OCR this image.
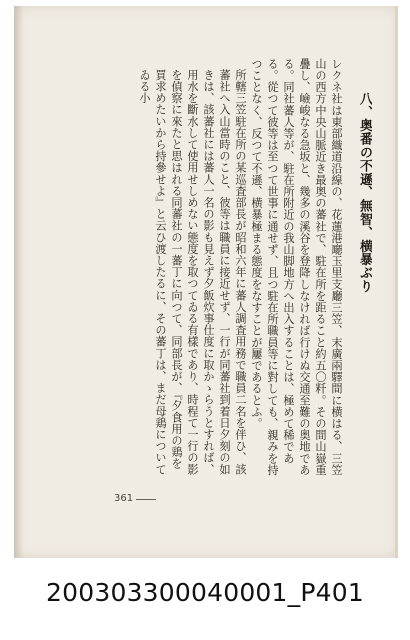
八、奥番の不遜、無智、横暴ぶり

レクネ社は東部織道沿線の、花蓮港廰玉里支廳三笠、末廣兩驛間に横はる、三笠山の西方中央山脈近き最奥の蕃社で、駐在所を距ること約五〇粁。その間山嶽重疊し、嶮峻なる急坂と、幾多の溪谷を登降しなければ行けぬ交通至難の奥地である。同社蕃人等が、駐在所附近の我山脚地方へ出入することは、極めて稀である。從つて彼等は至つて世事に通せず、且つ駐在所職員等に對しても、親みを持つことなく、反つて不遜、横暴極まる態度をなすことが屢であるとふ。

所轄三笠駐在所の某巡査部長が昭和六年に蕃人調査用務で職員二名を伴ひ、該蕃社へ入山當時のこと、彼等は職員に接近せず、一行が同蕃社到着日夕刻の如きは、該蕃社には蕃人一名の影も見えず夕飯炊事仕度に取かゝらうとすれば、用水を斷水して使用せしめない態度を取つてゐる有樣であり、時程て一行の影を偵察に來たと思はれる同蕃社の一蕃丁に向つて、同部長が、『夕食用の鶏を買求めたいから持參せよ』と云ひ渡したるに、その蕃丁は、まだ母鶏についてゐる小

361
200303300040001_P401
